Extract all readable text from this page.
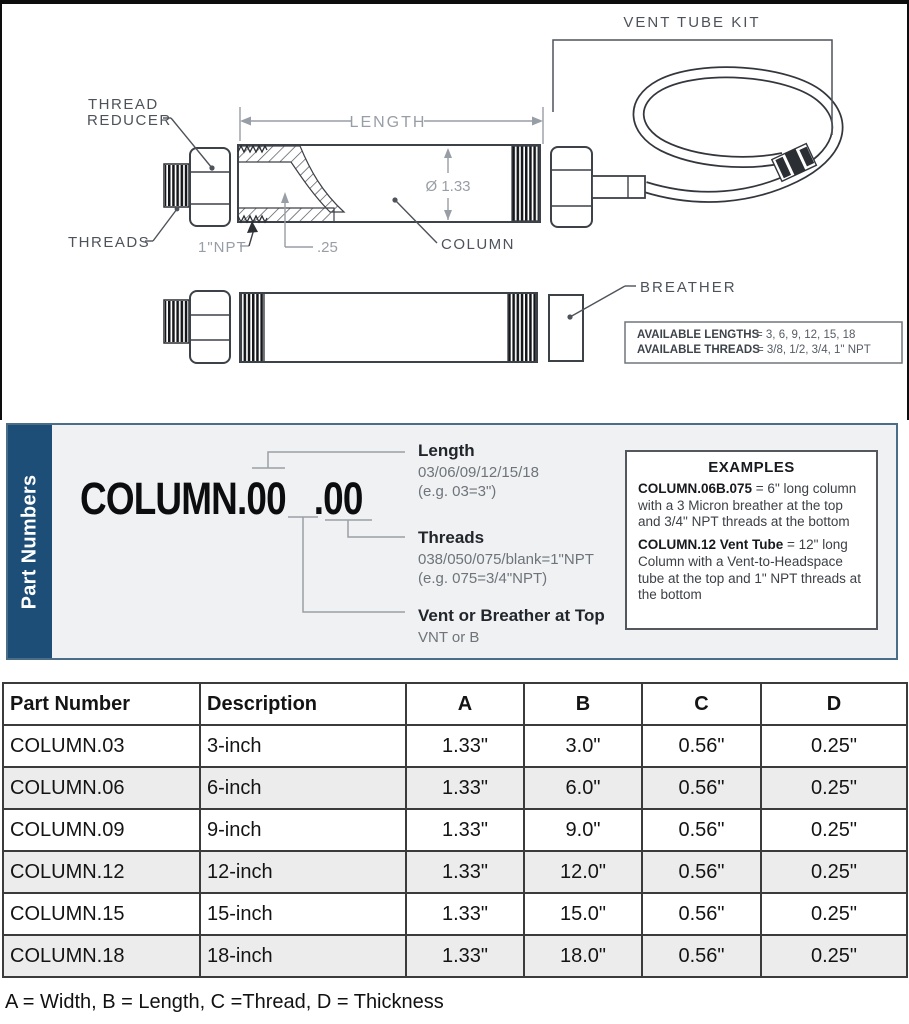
LENGTH
Ø 1.33
.25
1"NPT	COLUMN
THREAD
REDUCER
THREADS
VENT TUBE KIT
BREATHER
AVAILABLE LENGTHS
= 3, 6, 9, 12, 15, 18
AVAILABLE THREADS
= 3/8, 1/2, 3/4, 1" NPT
Part Numbers COLUMN.00 .00
Length
03/06/09/12/15/18
(e.g. 03=3")
Threads
038/050/075/blank=1"NPT
(e.g. 075=3/4"NPT)
Vent or Breather at Top
VNT or B
EXAMPLES

COLUMN.06B.075 = 6" long column with a 3 Micron breather at the top and 3/4" NPT threads at the bottom

COLUMN.12 Vent Tube = 12" long Column with a Vent-to-Headspace tube at the top and 1" NPT threads at the bottom

Part Number	Description	A	B	C	D
COLUMN.03	3-inch	1.33"	3.0"	0.56"	0.25"
COLUMN.06	6-inch	1.33"	6.0"	0.56"	0.25"
COLUMN.09	9-inch	1.33"	9.0"	0.56"	0.25"
COLUMN.12	12-inch	1.33"	12.0"	0.56"	0.25"
COLUMN.15	15-inch	1.33"	15.0"	0.56"	0.25"
COLUMN.18	18-inch	1.33"	18.0"	0.56"	0.25"
A = Width, B = Length, C =Thread, D = Thickness
